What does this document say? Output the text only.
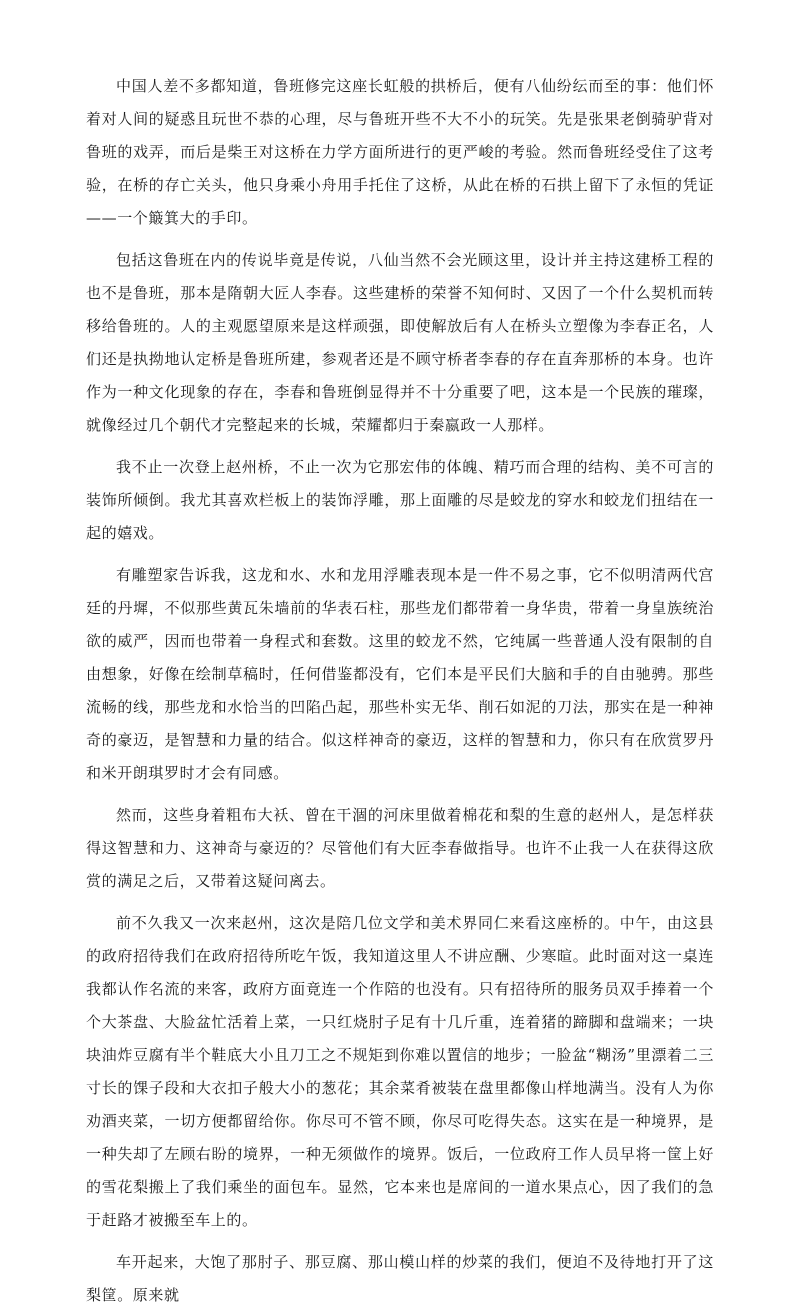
中国人差不多都知道，鲁班修完这座长虹般的拱桥后，便有八仙纷纭而至的事：他们怀着对人间的疑惑且玩世不恭的心理，尽与鲁班开些不大不小的玩笑。先是张果老倒骑驴背对鲁班的戏弄，而后是柴王对这桥在力学方面所进行的更严峻的考验。然而鲁班经受住了这考验，在桥的存亡关头，他只身乘小舟用手托住了这桥，从此在桥的石拱上留下了永恒的凭证——一个簸箕大的手印。

包括这鲁班在内的传说毕竟是传说，八仙当然不会光顾这里，设计并主持这建桥工程的也不是鲁班，那本是隋朝大匠人李春。这些建桥的荣誉不知何时、又因了一个什么契机而转移给鲁班的。人的主观愿望原来是这样顽强，即使解放后有人在桥头立塑像为李春正名，人们还是执拗地认定桥是鲁班所建，参观者还是不顾守桥者李春的存在直奔那桥的本身。也许作为一种文化现象的存在，李春和鲁班倒显得并不十分重要了吧，这本是一个民族的璀璨，就像经过几个朝代才完整起来的长城，荣耀都归于秦嬴政一人那样。

我不止一次登上赵州桥，不止一次为它那宏伟的体魄、精巧而合理的结构、美不可言的装饰所倾倒。我尤其喜欢栏板上的装饰浮雕，那上面雕的尽是蛟龙的穿水和蛟龙们扭结在一起的嬉戏。

有雕塑家告诉我，这龙和水、水和龙用浮雕表现本是一件不易之事，它不似明清两代宫廷的丹墀，不似那些黄瓦朱墙前的华表石柱，那些龙们都带着一身华贵，带着一身皇族统治欲的威严，因而也带着一身程式和套数。这里的蛟龙不然，它纯属一些普通人没有限制的自由想象，好像在绘制草稿时，任何借鉴都没有，它们本是平民们大脑和手的自由驰骋。那些流畅的线，那些龙和水恰当的凹陷凸起，那些朴实无华、削石如泥的刀法，那实在是一种神奇的豪迈，是智慧和力量的结合。似这样神奇的豪迈，这样的智慧和力，你只有在欣赏罗丹和米开朗琪罗时才会有同感。

然而，这些身着粗布大袄、曾在干涸的河床里做着棉花和梨的生意的赵州人，是怎样获得这智慧和力、这神奇与豪迈的？尽管他们有大匠李春做指导。也许不止我一人在获得这欣赏的满足之后，又带着这疑问离去。

前不久我又一次来赵州，这次是陪几位文学和美术界同仁来看这座桥的。中午，由这县的政府招待我们在政府招待所吃午饭，我知道这里人不讲应酬、少寒暄。此时面对这一桌连我都认作名流的来客，政府方面竟连一个作陪的也没有。只有招待所的服务员双手捧着一个个大茶盘、大脸盆忙活着上菜，一只红烧肘子足有十几斤重，连着猪的蹄脚和盘端来；一块块油炸豆腐有半个鞋底大小且刀工之不规矩到你难以置信的地步；一脸盆“糊汤”里漂着二三寸长的馃子段和大衣扣子般大小的葱花；其余菜肴被装在盘里都像山样地满当。没有人为你劝酒夹菜，一切方便都留给你。你尽可不管不顾，你尽可吃得失态。这实在是一种境界，是一种失却了左顾右盼的境界，一种无须做作的境界。饭后，一位政府工作人员早将一筐上好的雪花梨搬上了我们乘坐的面包车。显然，它本来也是席间的一道水果点心，因了我们的急于赶路才被搬至车上的。

车开起来，大饱了那肘子、那豆腐、那山模山样的炒菜的我们，便迫不及待地打开了这梨筐。原来就
